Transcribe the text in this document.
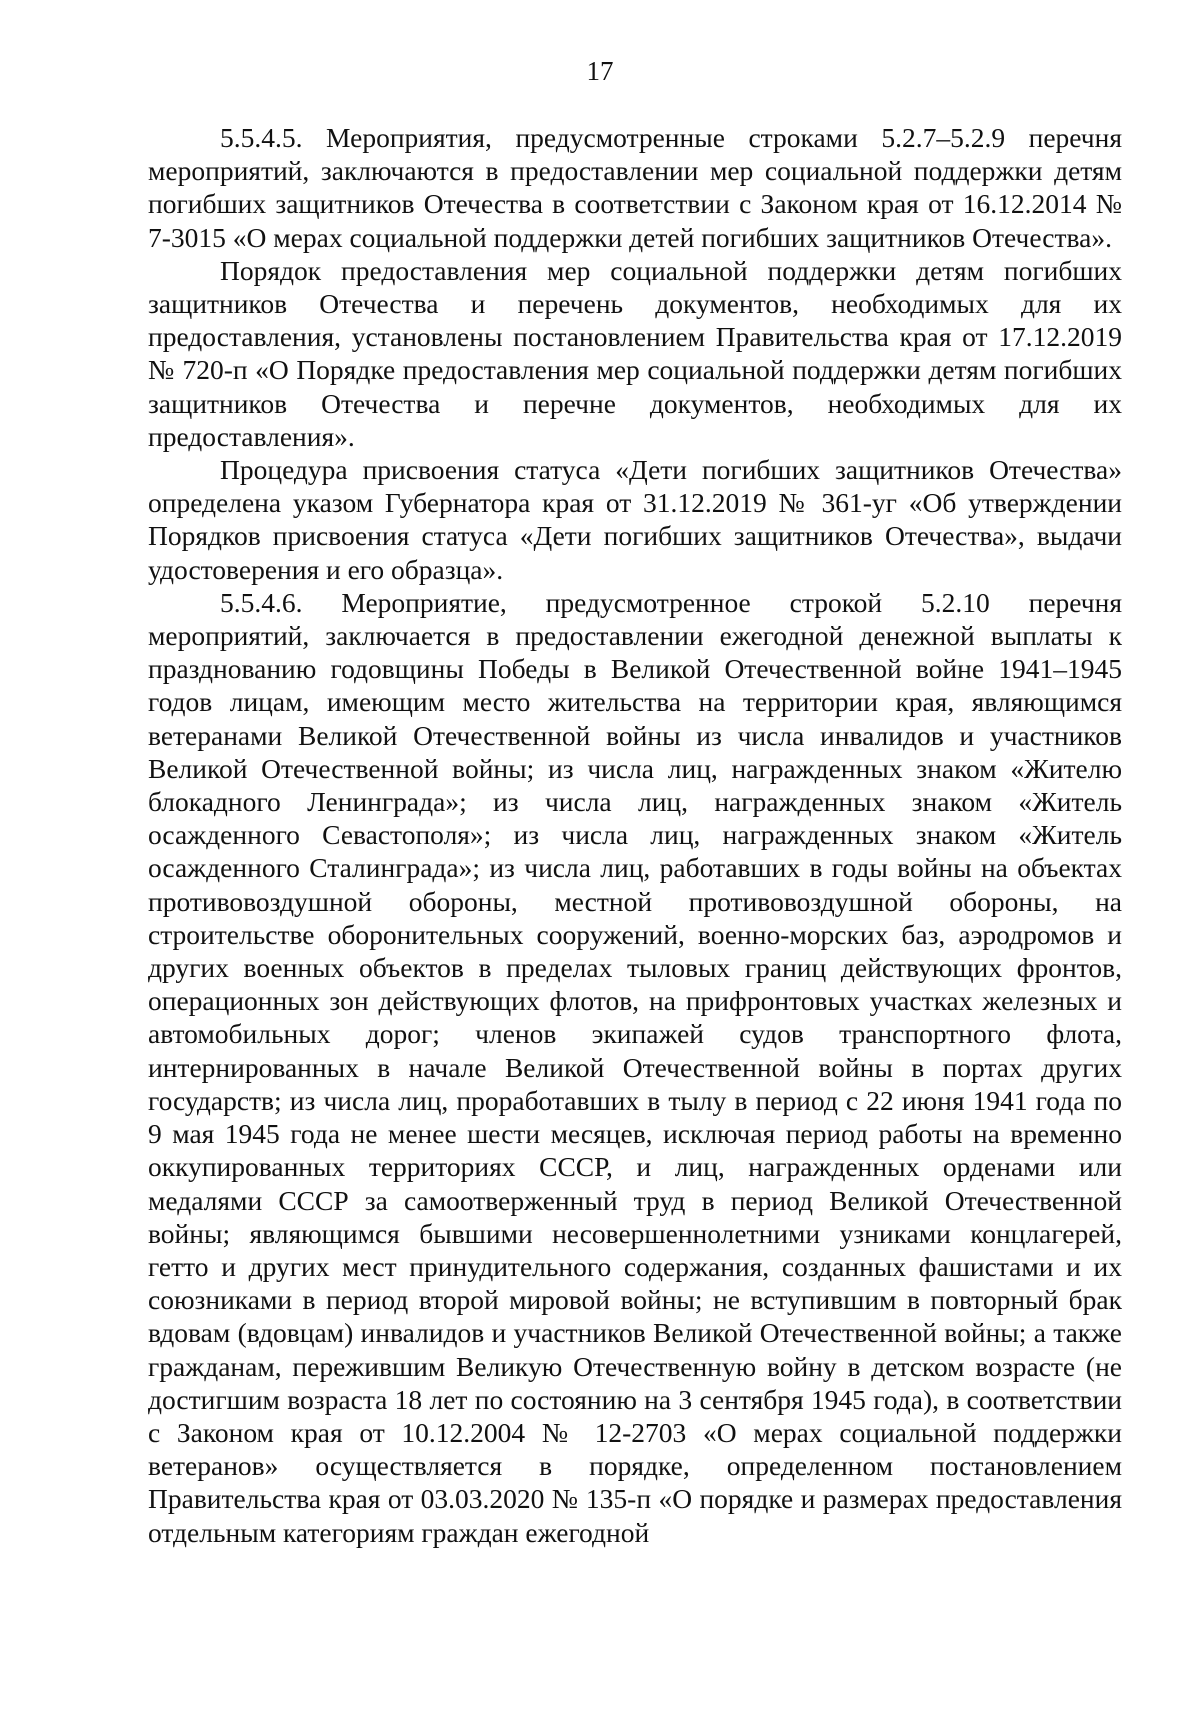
17

5.5.4.5. Мероприятия, предусмотренные строками 5.2.7–5.2.9 перечня мероприятий, заключаются в предоставлении мер социальной поддержки детям погибших защитников Отечества в соответствии с Законом края от 16.12.2014 № 7-3015 «О мерах социальной поддержки детей погибших защитников Отечества».

Порядок предоставления мер социальной поддержки детям погибших защитников Отечества и перечень документов, необходимых для их предоставления, установлены постановлением Правительства края от 17.12.2019 № 720-п «О Порядке предоставления мер социальной поддержки детям погибших защитников Отечества и перечне документов, необходимых для их предоставления».

Процедура присвоения статуса «Дети погибших защитников Отечества» определена указом Губернатора края от 31.12.2019 № 361-уг «Об утверждении Порядков присвоения статуса «Дети погибших защитников Отечества», выдачи удостоверения и его образца».

5.5.4.6. Мероприятие, предусмотренное строкой 5.2.10 перечня мероприятий, заключается в предоставлении ежегодной денежной выплаты к празднованию годовщины Победы в Великой Отечественной войне 1941–1945 годов лицам, имеющим место жительства на территории края, являющимся ветеранами Великой Отечественной войны из числа инвалидов и участников Великой Отечественной войны; из числа лиц, награжденных знаком «Жителю блокадного Ленинграда»; из числа лиц, награжденных знаком «Житель осажденного Севастополя»; из числа лиц, награжденных знаком «Житель осажденного Сталинграда»; из числа лиц, работавших в годы войны на объектах противовоздушной обороны, местной противовоздушной обороны, на строительстве оборонительных сооружений, военно-морских баз, аэродромов и других военных объектов в пределах тыловых границ действующих фронтов, операционных зон действующих флотов, на прифронтовых участках железных и автомобильных дорог; членов экипажей судов транспортного флота, интернированных в начале Великой Отечественной войны в портах других государств; из числа лиц, проработавших в тылу в период с 22 июня 1941 года по 9 мая 1945 года не менее шести месяцев, исключая период работы на временно оккупированных территориях СССР, и лиц, награжденных орденами или медалями СССР за самоотверженный труд в период Великой Отечественной войны; являющимся бывшими несовершеннолетними узниками концлагерей, гетто и других мест принудительного содержания, созданных фашистами и их союзниками в период второй мировой войны; не вступившим в повторный брак вдовам (вдовцам) инвалидов и участников Великой Отечественной войны; а также гражданам, пережившим Великую Отечественную войну в детском возрасте (не достигшим возраста 18 лет по состоянию на 3 сентября 1945 года), в соответствии с Законом края от 10.12.2004 № 12-2703 «О мерах социальной поддержки ветеранов» осуществляется в порядке, определенном постановлением Правительства края от 03.03.2020 № 135-п «О порядке и размерах предоставления отдельным категориям граждан ежегодной
